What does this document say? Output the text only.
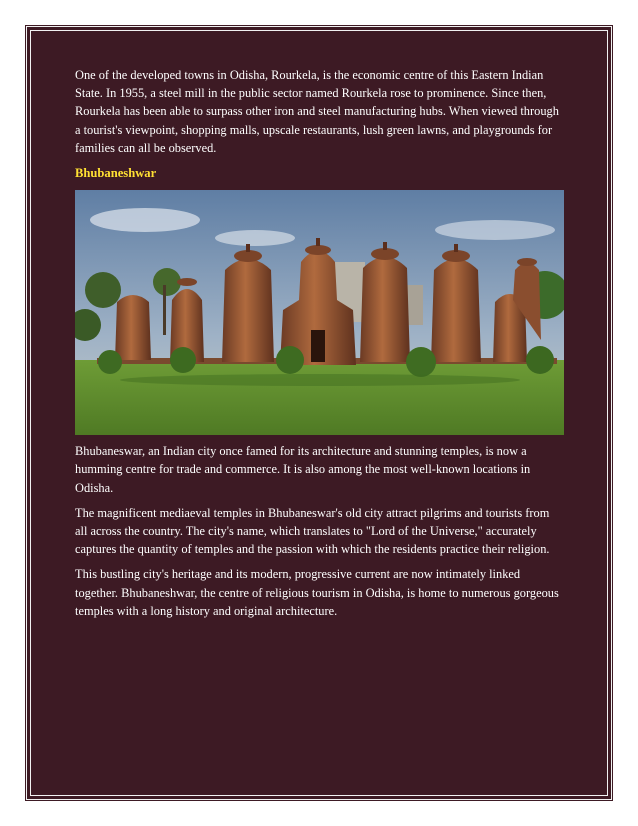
One of the developed towns in Odisha, Rourkela, is the economic centre of this Eastern Indian State. In 1955, a steel mill in the public sector named Rourkela rose to prominence. Since then, Rourkela has been able to surpass other iron and steel manufacturing hubs. When viewed through a tourist's viewpoint, shopping malls, upscale restaurants, lush green lawns, and playgrounds for families can all be observed.

Bhubaneshwar

Bhubaneswar, an Indian city once famed for its architecture and stunning temples, is now a humming centre for trade and commerce. It is also among the most well-known locations in Odisha.

The magnificent mediaeval temples in Bhubaneswar's old city attract pilgrims and tourists from all across the country. The city's name, which translates to "Lord of the Universe," accurately captures the quantity of temples and the passion with which the residents practice their religion.

This bustling city's heritage and its modern, progressive current are now intimately linked together. Bhubaneshwar, the centre of religious tourism in Odisha, is home to numerous gorgeous temples with a long history and original architecture.
